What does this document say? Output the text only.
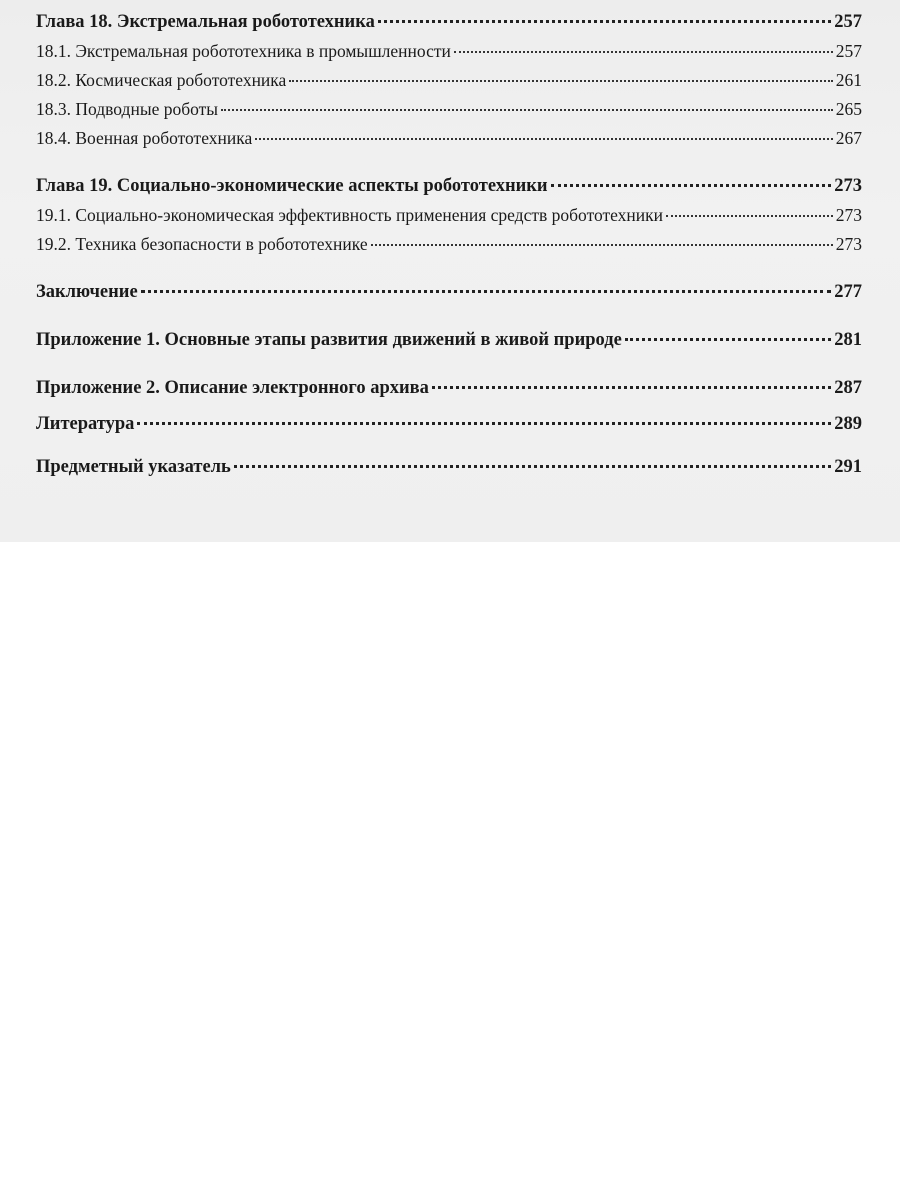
Глава 18. Экстремальная робототехника	257
18.1. Экстремальная робототехника в промышленности	257
18.2. Космическая робототехника	261
18.3. Подводные роботы	265
18.4. Военная робототехника	267
Глава 19. Социально-экономические аспекты робототехники	273
19.1. Социально-экономическая эффективность применения средств робототехники	273
19.2. Техника безопасности в робототехнике	273
Заключение	277
Приложение 1. Основные этапы развития движений в живой природе	281
Приложение 2. Описание электронного архива	287
Литература	289
Предметный указатель	291
